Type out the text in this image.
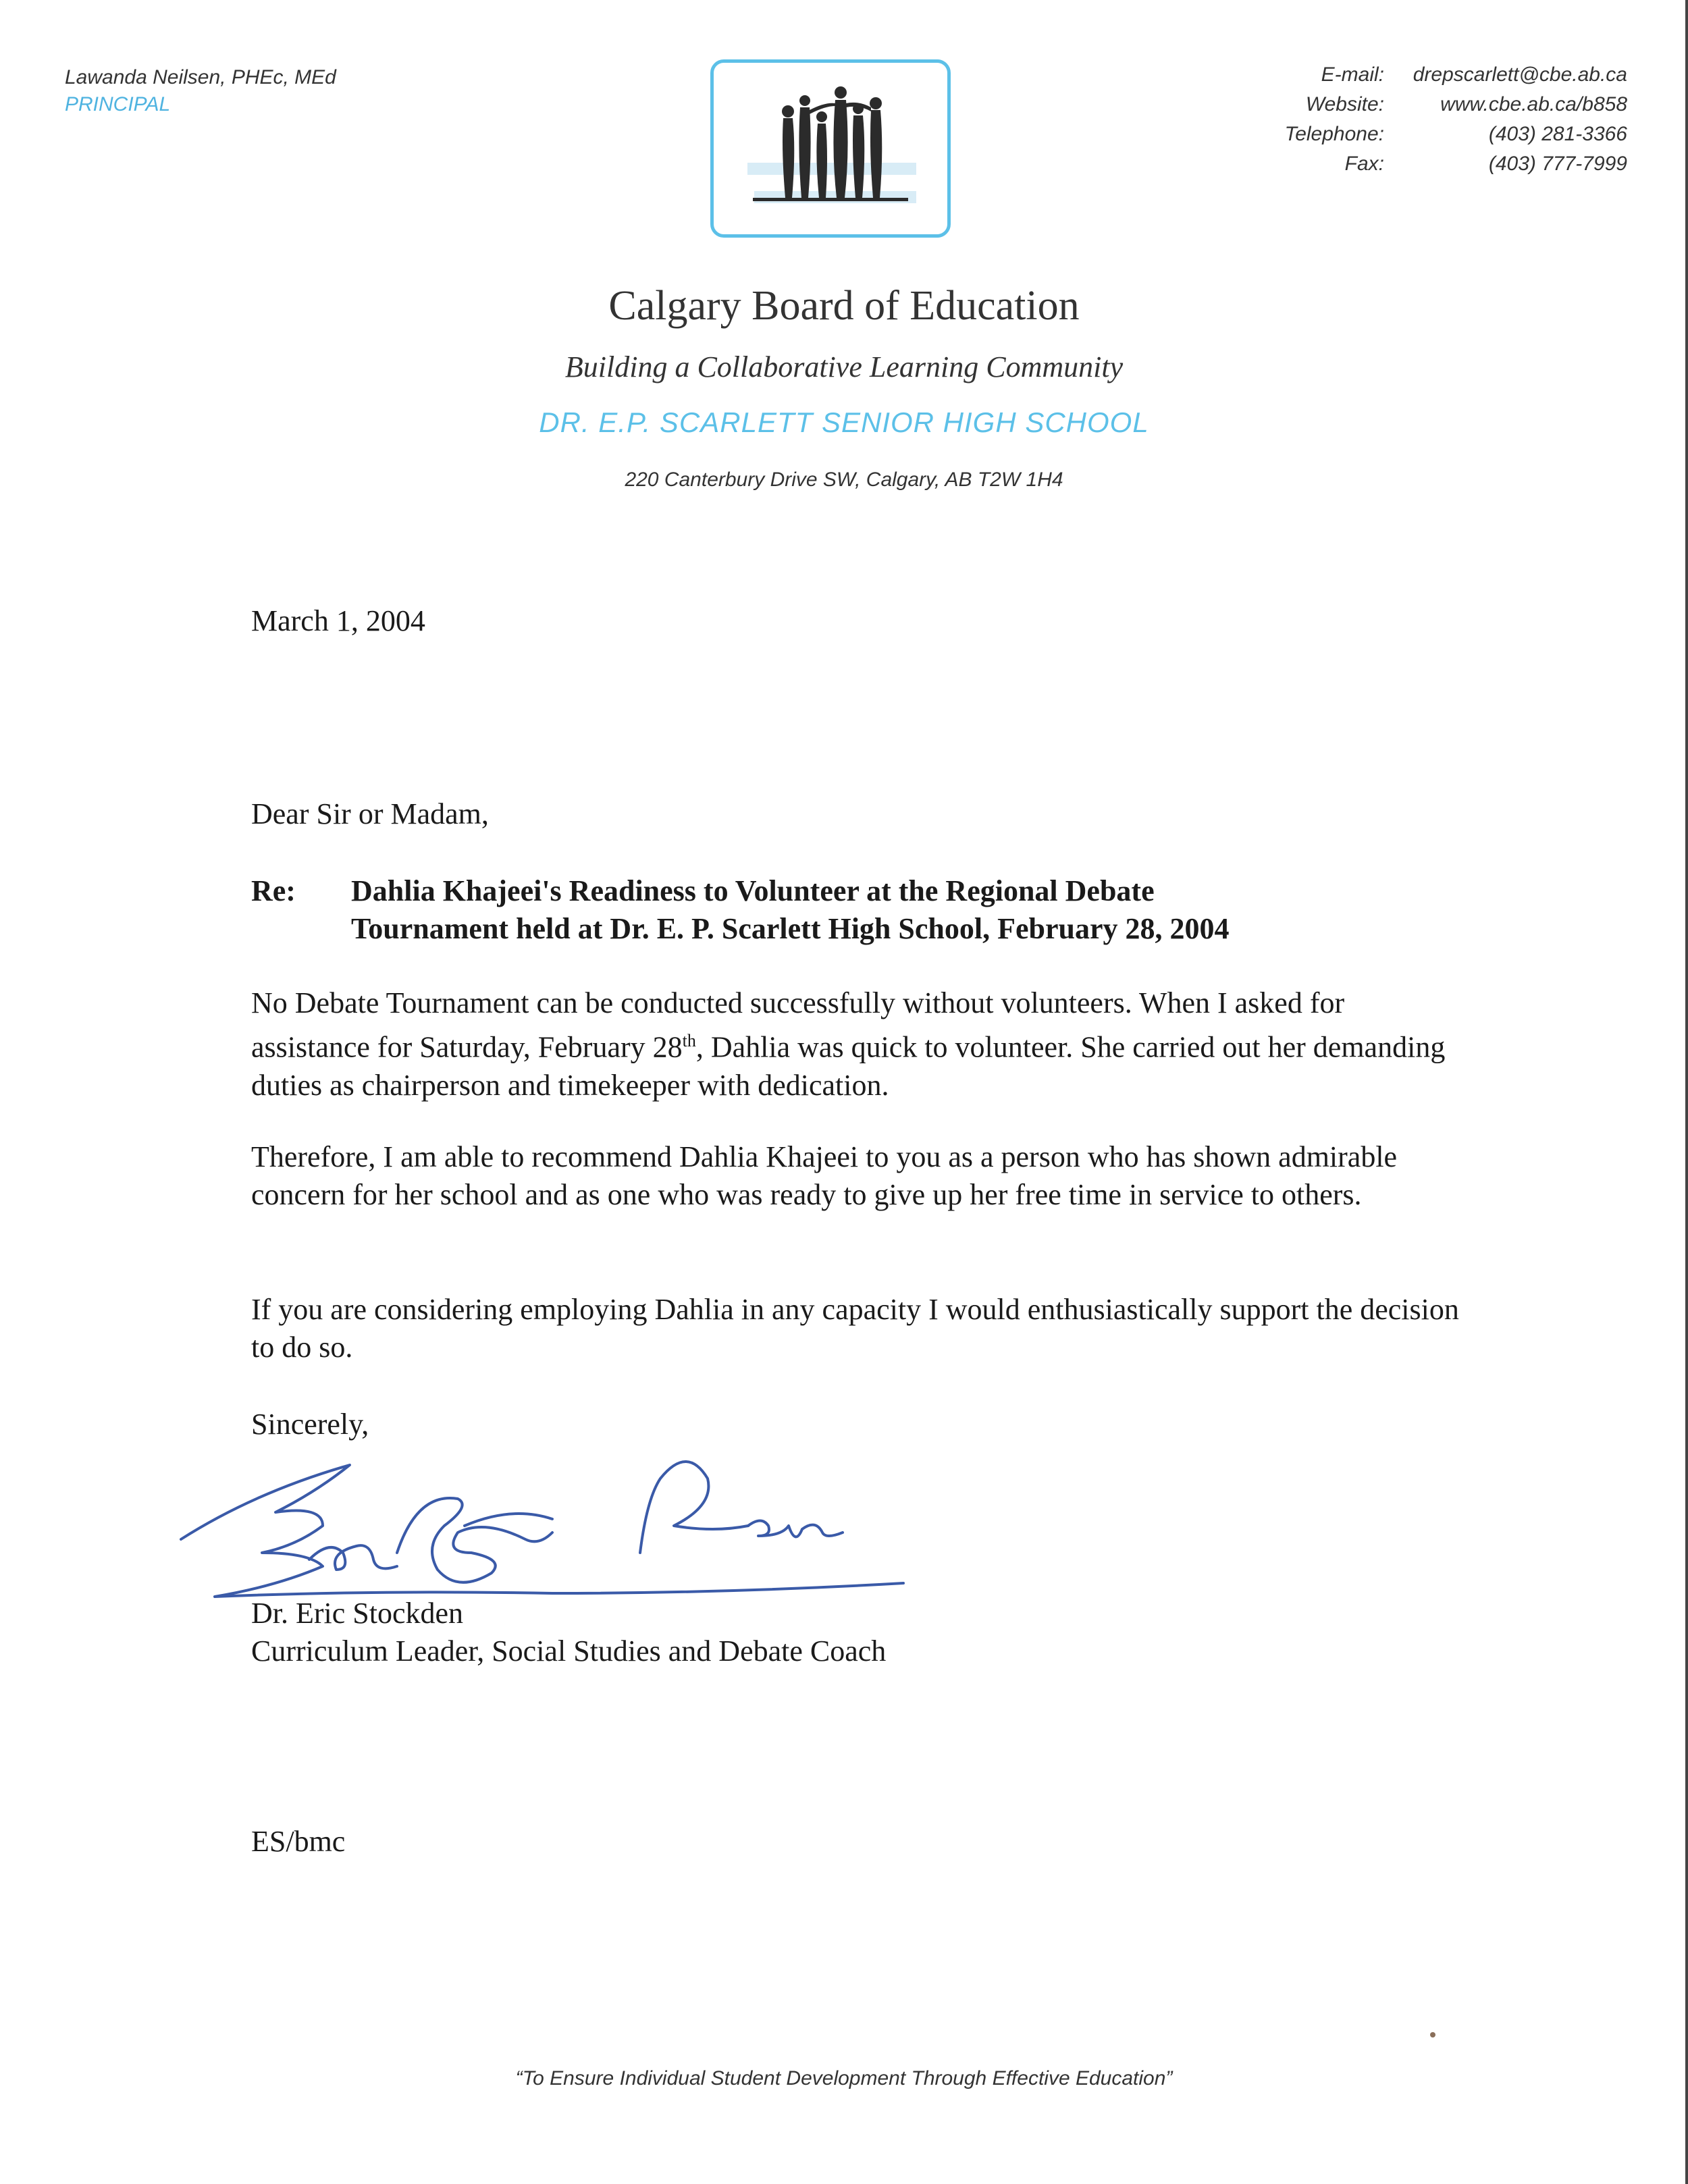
Lawanda Neilsen, PHEc, MEd
PRINCIPAL
E-mail: drepscarlett@cbe.ab.ca
Website:	www.cbe.ab.ca/b858
Telephone:	(403) 281-3366
Fax:	(403) 777-7999
Calgary Board of Education
Building a Collaborative Learning Community
DR. E.P. SCARLETT SENIOR HIGH SCHOOL
220 Canterbury Drive SW, Calgary, AB T2W 1H4
March 1, 2004
Dear Sir or Madam,
Re: Dahlia Khajeei's Readiness to Volunteer at the Regional Debate
Tournament held at Dr. E. P. Scarlett High School, February 28, 2004
No Debate Tournament can be conducted successfully without volunteers. When I asked for assistance for Saturday, February 28th, Dahlia was quick to volunteer. She carried out her demanding duties as chairperson and timekeeper with dedication.
Therefore, I am able to recommend Dahlia Khajeei to you as a person who has shown admirable concern for her school and as one who was ready to give up her free time in service to others.
If you are considering employing Dahlia in any capacity I would enthusiastically support the decision to do so.
Sincerely,
Dr. Eric Stockden
Curriculum Leader, Social Studies and Debate Coach
ES/bmc
“To Ensure Individual Student Development Through Effective Education”
